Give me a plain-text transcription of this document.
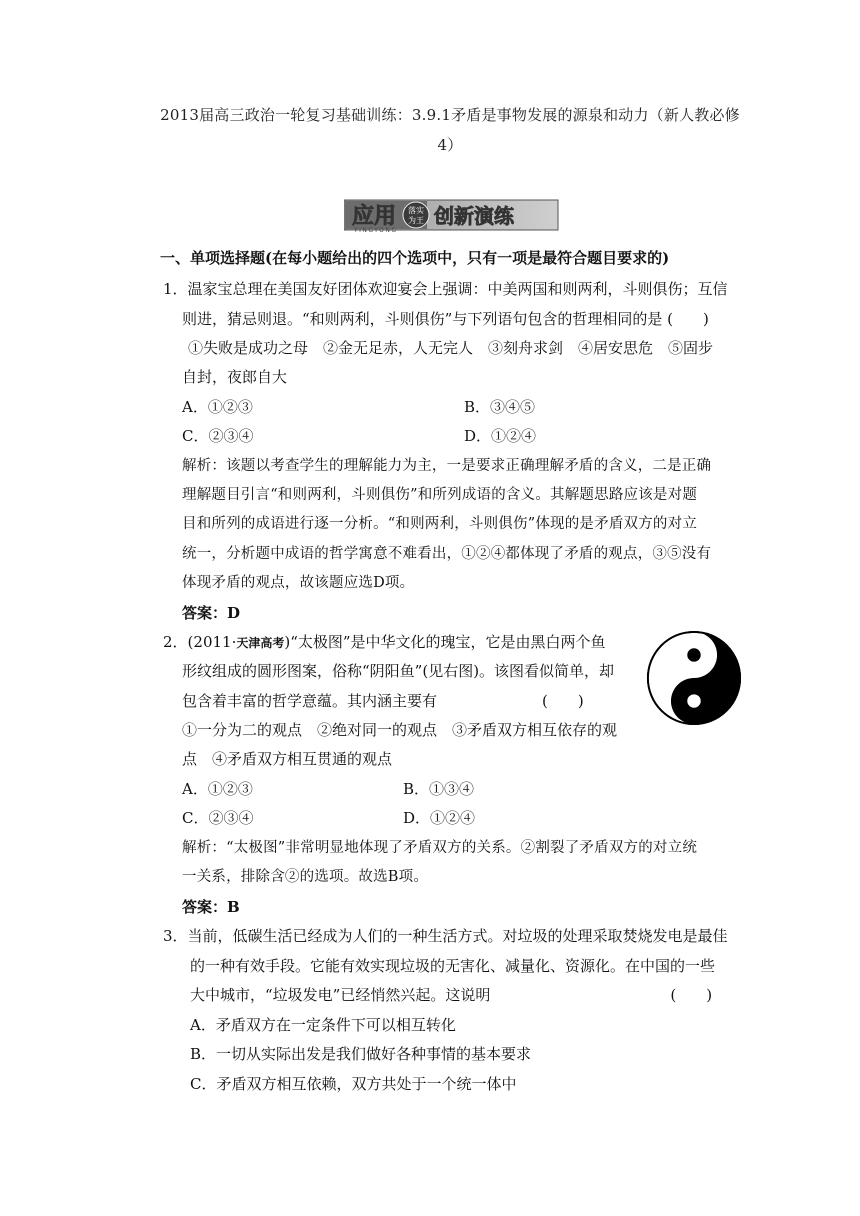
2013届高三政治一轮复习基础训练：3.9.1矛盾是事物发展的源泉和动力（新人教必修
4）
应用
YINGYONG
落实
为王 创新演练
一、单项选择题(在每小题给出的四个选项中，只有一项是最符合题目要求的)
1．温家宝总理在美国友好团体欢迎宴会上强调：中美两国和则两利，斗则俱伤；互信
则进，猜忌则退。“和则两利，斗则俱伤”与下列语句包含的哲理相同的是 (　　)
①失败是成功之母　②金无足赤，人无完人　③刻舟求剑　④居安思危　⑤固步
自封，夜郎自大
A．①②③	B．③④⑤
C．②③④	D．①②④
解析：该题以考查学生的理解能力为主，一是要求正确理解矛盾的含义，二是正确
理解题目引言“和则两利，斗则俱伤”和所列成语的含义。其解题思路应该是对题
目和所列的成语进行逐一分析。“和则两利，斗则俱伤”体现的是矛盾双方的对立
统一，分析题中成语的哲学寓意不难看出，①②④都体现了矛盾的观点，③⑤没有
体现矛盾的观点，故该题应选D项。
答案：D
2．(2011·天津高考)“太极图”是中华文化的瑰宝，它是由黑白两个鱼
形纹组成的圆形图案，俗称“阴阳鱼”(见右图)。该图看似简单，却
包含着丰富的哲学意蕴。其内涵主要有　　　　　　　(　　)
①一分为二的观点　②绝对同一的观点　③矛盾双方相互依存的观
点　④矛盾双方相互贯通的观点
A．①②③	B．①③④
C．②③④	D．①②④
解析：“太极图”非常明显地体现了矛盾双方的关系。②割裂了矛盾双方的对立统
一关系，排除含②的选项。故选B项。
答案：B
3．当前，低碳生活已经成为人们的一种生活方式。对垃圾的处理采取焚烧发电是最佳
的一种有效手段。它能有效实现垃圾的无害化、减量化、资源化。在中国的一些
大中城市，“垃圾发电”已经悄然兴起。这说明　　　　　　　　　　　　(　　)
A．矛盾双方在一定条件下可以相互转化
B．一切从实际出发是我们做好各种事情的基本要求
C．矛盾双方相互依赖，双方共处于一个统一体中
